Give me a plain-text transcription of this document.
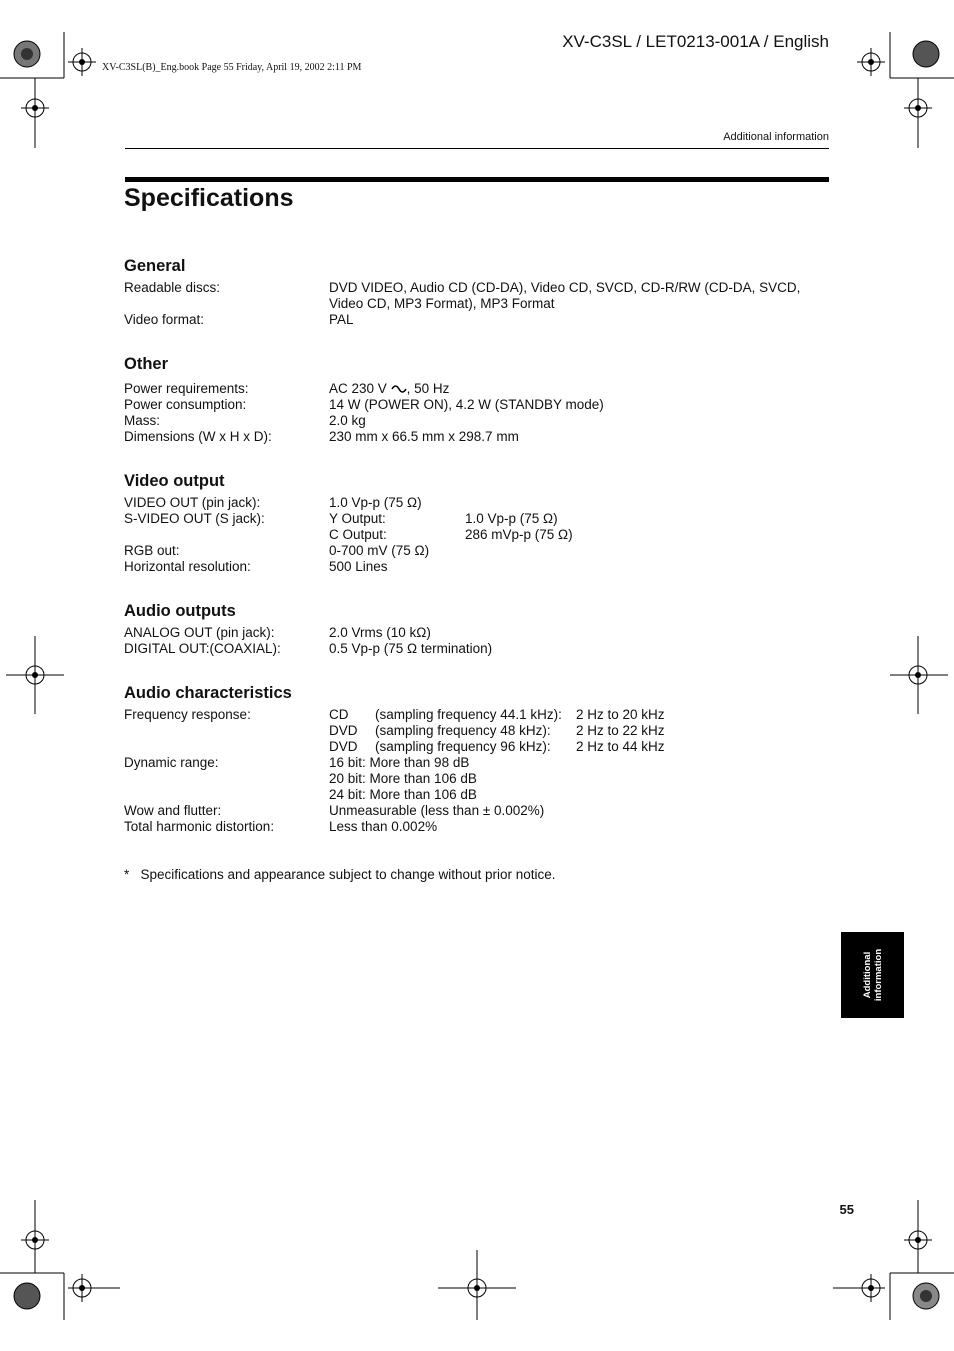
XV-C3SL / LET0213-001A / English
XV-C3SL(B)_Eng.book Page 55 Friday, April 19, 2002 2:11 PM
Additional information
Specifications
General
Readable discs:	DVD VIDEO, Audio CD (CD-DA), Video CD, SVCD, CD-R/RW (CD-DA, SVCD,
Video CD, MP3 Format), MP3 Format
Video format:	PAL
Other
Power requirements:	AC 230 V , 50 Hz
Power consumption:	14 W (POWER ON), 4.2 W (STANDBY mode)
Mass:	2.0 kg
Dimensions (W x H x D):	230 mm x 66.5 mm x 298.7 mm
Video output
VIDEO OUT (pin jack):	1.0 Vp-p (75 Ω)
S-VIDEO OUT (S jack):	Y Output:	1.0 Vp-p (75 Ω)
C Output:	286 mVp-p (75 Ω)
RGB out:	0-700 mV (75 Ω)
Horizontal resolution:	500 Lines
Audio outputs
ANALOG OUT (pin jack):	2.0 Vrms (10 kΩ)
DIGITAL OUT:(COAXIAL):	0.5 Vp-p (75 Ω termination)
Audio characteristics
Frequency response:	CD (sampling frequency 44.1 kHz): 2 Hz to 20 kHz
DVD (sampling frequency 48 kHz): 2 Hz to 22 kHz
DVD (sampling frequency 96 kHz): 2 Hz to 44 kHz
Dynamic range:	16 bit: More than 98 dB
20 bit: More than 106 dB
24 bit: More than 106 dB
Wow and flutter:	Unmeasurable (less than ± 0.002%)
Total harmonic distortion:	Less than 0.002%
*   Specifications and appearance subject to change without prior notice.
Additional information
55
